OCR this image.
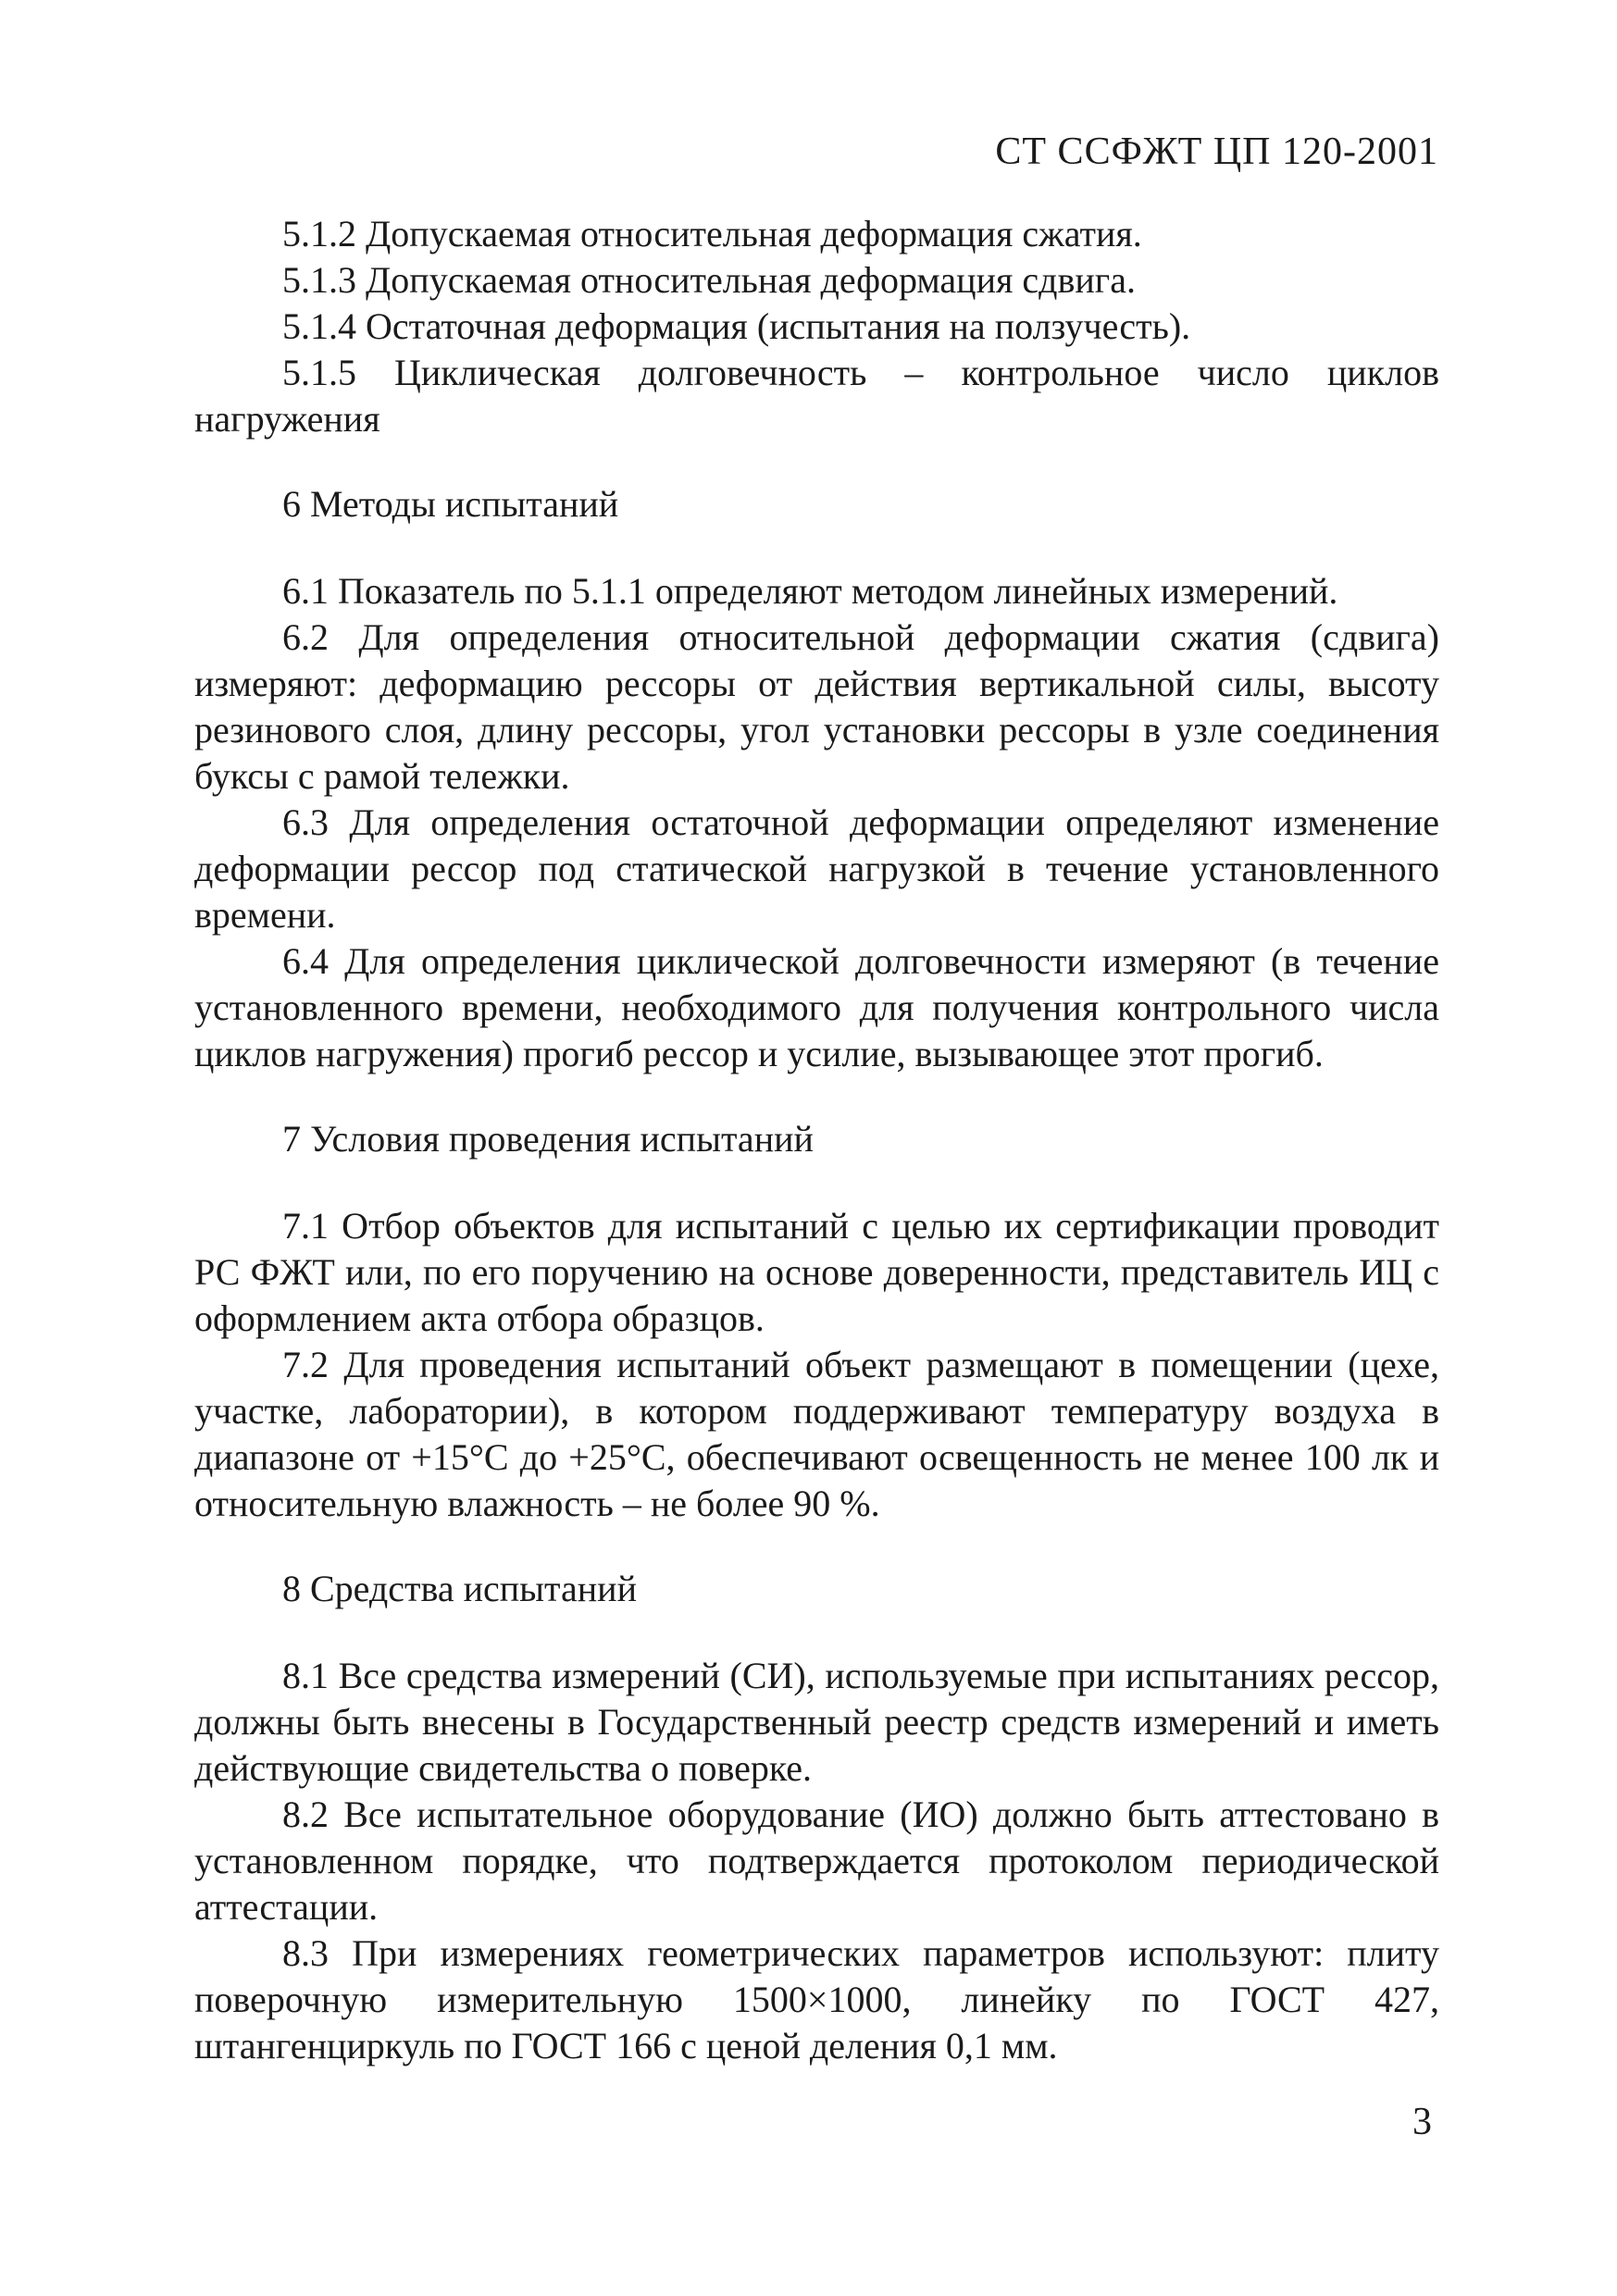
СТ ССФЖТ ЦП 120-2001

5.1.2 Допускаемая относительная деформация сжатия.

5.1.3 Допускаемая относительная деформация сдвига.

5.1.4 Остаточная деформация (испытания на ползучесть).

5.1.5 Циклическая долговечность – контрольное число циклов нагружения

6 Методы испытаний

6.1 Показатель по 5.1.1 определяют методом линейных измерений.

6.2 Для определения относительной деформации сжатия (сдвига) измеряют: деформацию рессоры от действия вертикальной силы, высоту резинового слоя, длину рессоры, угол установки рессоры в узле соединения буксы с рамой тележки.

6.3 Для определения остаточной деформации определяют изменение деформации рессор под статической нагрузкой в течение установленного времени.

6.4 Для определения циклической долговечности измеряют (в течение установленного времени, необходимого для получения контрольного числа циклов нагружения) прогиб рессор и усилие, вызывающее этот прогиб.

7 Условия проведения испытаний

7.1 Отбор объектов для испытаний с целью их сертификации проводит РС ФЖТ или, по его поручению на основе доверенности, представитель ИЦ с оформлением акта отбора образцов.

7.2 Для проведения испытаний объект размещают в помещении (цехе, участке, лаборатории), в котором поддерживают температуру воздуха в диапазоне от +15°С до +25°С, обеспечивают освещенность не менее 100 лк и относительную влажность – не более 90 %.

8 Средства испытаний

8.1 Все средства измерений (СИ), используемые при испытаниях рессор, должны быть внесены в Государственный реестр средств измерений и иметь действующие свидетельства о поверке.

8.2 Все испытательное оборудование (ИО) должно быть аттестовано в установленном порядке, что подтверждается протоколом периодической аттестации.

8.3 При измерениях геометрических параметров используют: плиту поверочную измерительную 1500×1000, линейку по ГОСТ 427, штангенциркуль по ГОСТ 166 с ценой деления 0,1 мм.

3
